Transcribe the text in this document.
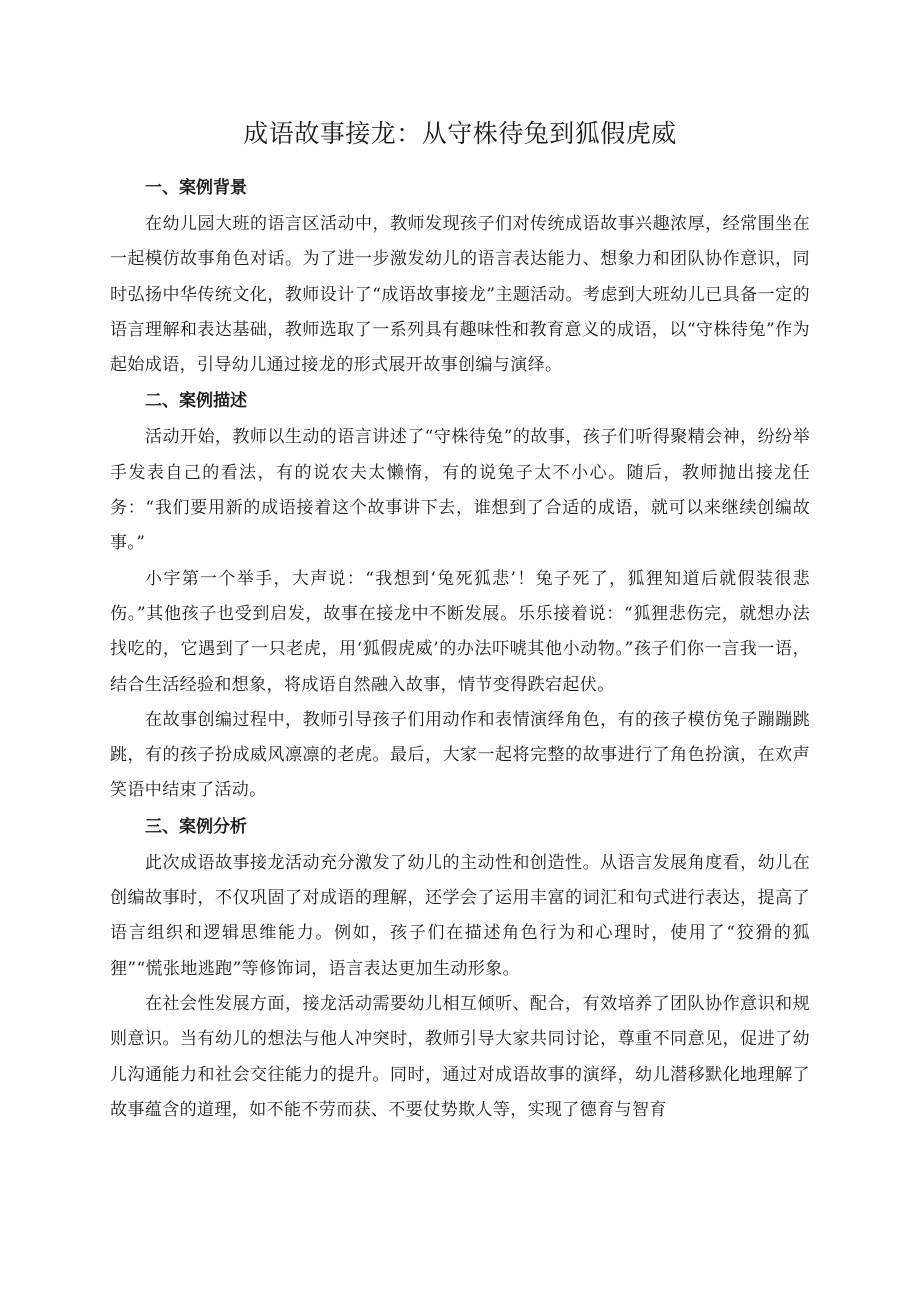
成语故事接龙：从守株待兔到狐假虎威
一、案例背景

在幼儿园大班的语言区活动中，教师发现孩子们对传统成语故事兴趣浓厚，经常围坐在一起模仿故事角色对话。为了进一步激发幼儿的语言表达能力、想象力和团队协作意识，同时弘扬中华传统文化，教师设计了“成语故事接龙”主题活动。考虑到大班幼儿已具备一定的语言理解和表达基础，教师选取了一系列具有趣味性和教育意义的成语，以“守株待兔”作为起始成语，引导幼儿通过接龙的形式展开故事创编与演绎。

二、案例描述

活动开始，教师以生动的语言讲述了“守株待兔”的故事，孩子们听得聚精会神，纷纷举手发表自己的看法，有的说农夫太懒惰，有的说兔子太不小心。随后，教师抛出接龙任务：“我们要用新的成语接着这个故事讲下去，谁想到了合适的成语，就可以来继续创编故事。”

小宇第一个举手，大声说：“我想到‘兔死狐悲’！兔子死了，狐狸知道后就假装很悲伤。”其他孩子也受到启发，故事在接龙中不断发展。乐乐接着说：“狐狸悲伤完，就想办法找吃的，它遇到了一只老虎，用‘狐假虎威’的办法吓唬其他小动物。”孩子们你一言我一语，结合生活经验和想象，将成语自然融入故事，情节变得跌宕起伏。

在故事创编过程中，教师引导孩子们用动作和表情演绎角色，有的孩子模仿兔子蹦蹦跳跳，有的孩子扮成威风凛凛的老虎。最后，大家一起将完整的故事进行了角色扮演，在欢声笑语中结束了活动。

三、案例分析

此次成语故事接龙活动充分激发了幼儿的主动性和创造性。从语言发展角度看，幼儿在创编故事时，不仅巩固了对成语的理解，还学会了运用丰富的词汇和句式进行表达，提高了语言组织和逻辑思维能力。例如，孩子们在描述角色行为和心理时，使用了“狡猾的狐狸”“慌张地逃跑”等修饰词，语言表达更加生动形象。

在社会性发展方面，接龙活动需要幼儿相互倾听、配合，有效培养了团队协作意识和规则意识。当有幼儿的想法与他人冲突时，教师引导大家共同讨论，尊重不同意见，促进了幼儿沟通能力和社会交往能力的提升。同时，通过对成语故事的演绎，幼儿潜移默化地理解了故事蕴含的道理，如不能不劳而获、不要仗势欺人等，实现了德育与智育
